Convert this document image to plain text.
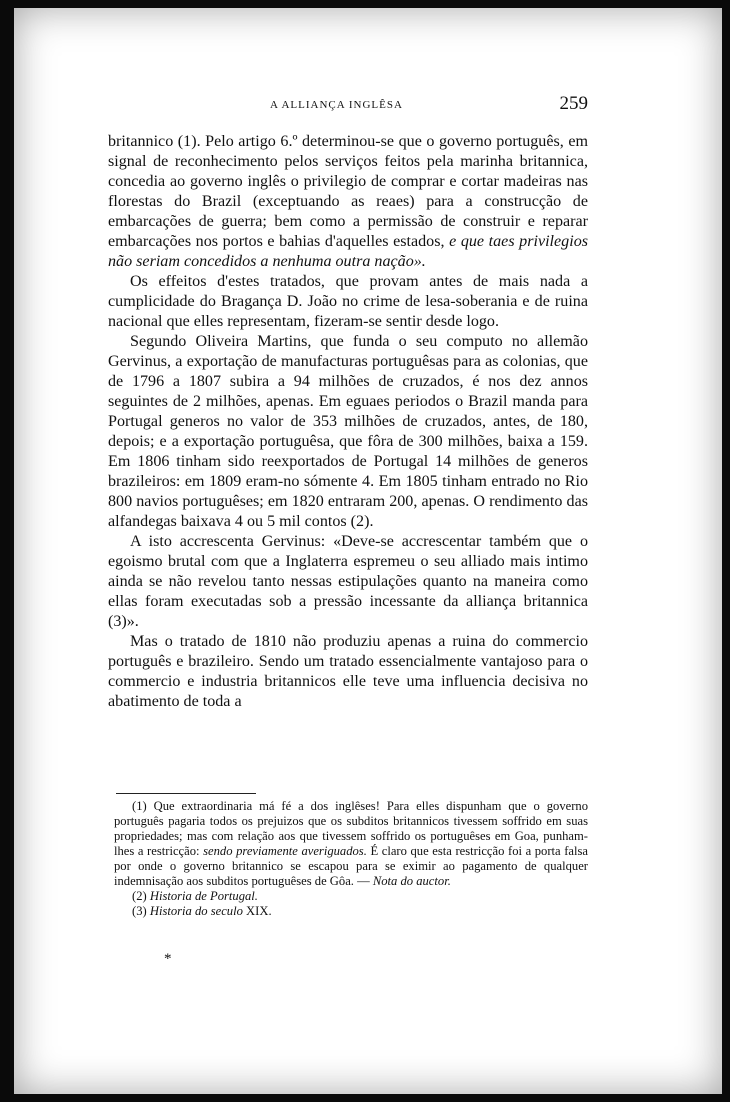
A ALLIANÇA INGLÊSA	259

britannico (1). Pelo artigo 6.º determinou-se que o governo português, em signal de reconhecimento pelos serviços feitos pela marinha britannica, concedia ao governo inglês o privilegio de comprar e cortar madeiras nas florestas do Brazil (exceptuando as reaes) para a construcção de embarcações de guerra; bem como a permissão de construir e reparar embarcações nos portos e bahias d'aquelles estados, e que taes privilegios não seriam concedidos a nenhuma outra nação».

Os effeitos d'estes tratados, que provam antes de mais nada a cumplicidade do Bragança D. João no crime de lesa-soberania e de ruina nacional que elles representam, fizeram-se sentir desde logo.

Segundo Oliveira Martins, que funda o seu computo no allemão Gervinus, a exportação de manufacturas portuguêsas para as colonias, que de 1796 a 1807 subira a 94 milhões de cruzados, é nos dez annos seguintes de 2 milhões, apenas. Em eguaes periodos o Brazil manda para Portugal generos no valor de 353 milhões de cruzados, antes, de 180, depois; e a exportação portuguêsa, que fôra de 300 milhões, baixa a 159. Em 1806 tinham sido reexportados de Portugal 14 milhões de generos brazileiros: em 1809 eram-no sómente 4. Em 1805 tinham entrado no Rio 800 navios portuguêses; em 1820 entraram 200, apenas. O rendimento das alfandegas baixava 4 ou 5 mil contos (2).

A isto accrescenta Gervinus: «Deve-se accrescentar também que o egoismo brutal com que a Inglaterra espremeu o seu alliado mais intimo ainda se não revelou tanto nessas estipulações quanto na maneira como ellas foram executadas sob a pressão incessante da alliança britannica (3)».

Mas o tratado de 1810 não produziu apenas a ruina do commercio português e brazileiro. Sendo um tratado essencialmente vantajoso para o commercio e industria britannicos elle teve uma influencia decisiva no abatimento de toda a

(1) Que extraordinaria má fé a dos inglêses! Para elles dispunham que o governo português pagaria todos os prejuizos que os subditos britannicos tivessem soffrido em suas propriedades; mas com relação aos que tivessem soffrido os portuguêses em Goa, punham-lhes a restricção: sendo previamente averiguados. É claro que esta restricção foi a porta falsa por onde o governo britannico se escapou para se eximir ao pagamento de qualquer indemnisação aos subditos portuguêses de Gôa. — Nota do auctor.

(2) Historia de Portugal.

(3) Historia do seculo XIX.

*
